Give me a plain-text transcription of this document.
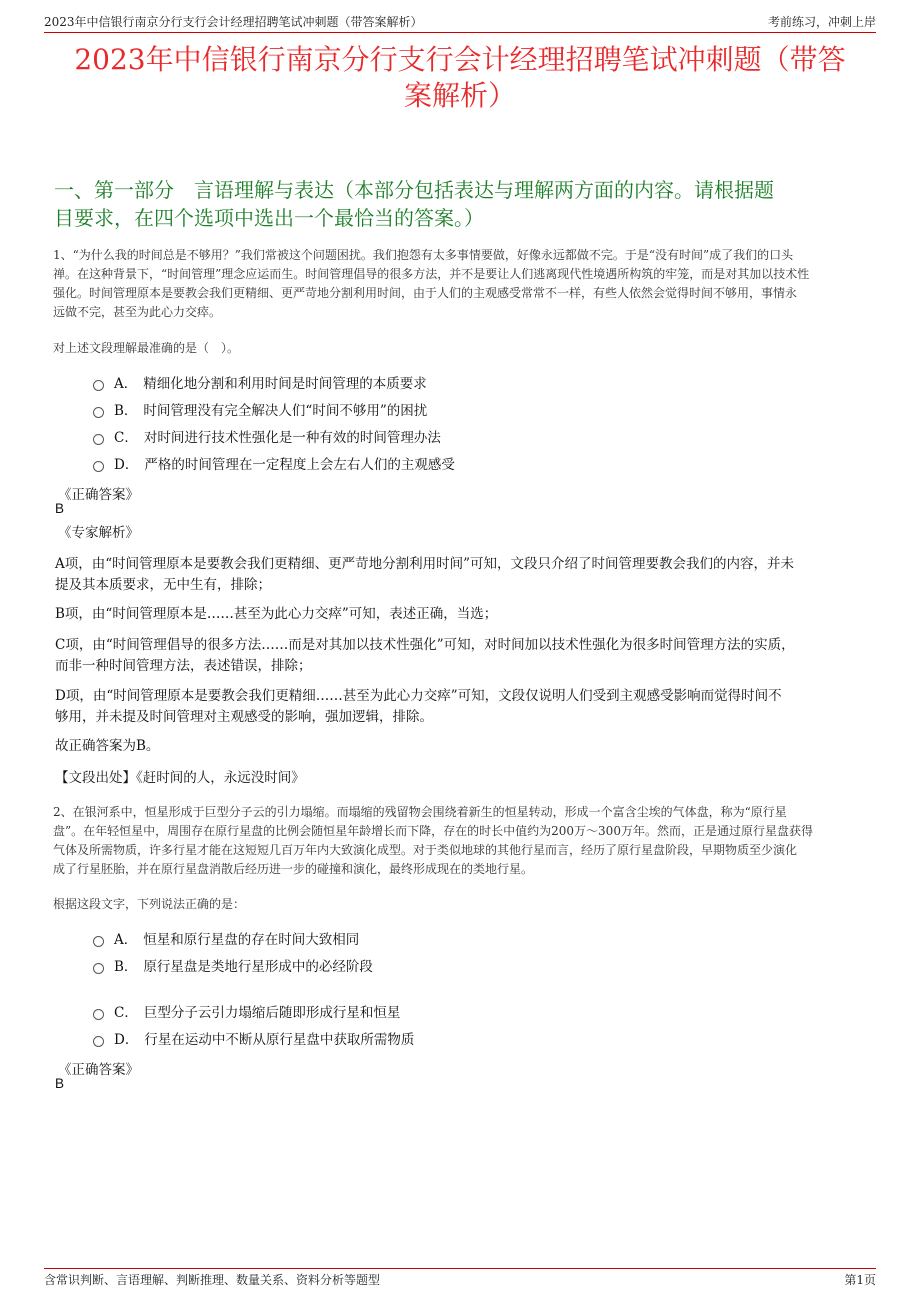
2023年中信银行南京分行支行会计经理招聘笔试冲刺题（带答案解析）	考前练习，冲刺上岸
2023年中信银行南京分行支行会计经理招聘笔试冲刺题（带答
案解析）
一、第一部分　言语理解与表达（本部分包括表达与理解两方面的内容。请根据题
目要求，在四个选项中选出一个最恰当的答案。）
1、“为什么我的时间总是不够用？”我们常被这个问题困扰。我们抱怨有太多事情要做，好像永远都做不完。于是“没有时间”成了我们的口头
禅。在这种背景下，“时间管理”理念应运而生。时间管理倡导的很多方法，并不是要让人们逃离现代性境遇所构筑的牢笼，而是对其加以技术性
强化。时间管理原本是要教会我们更精细、更严苛地分割利用时间，由于人们的主观感受常常不一样，有些人依然会觉得时间不够用，事情永
远做不完，甚至为此心力交瘁。
对上述文段理解最准确的是（　）。
A． 精细化地分割和利用时间是时间管理的本质要求
B． 时间管理没有完全解决人们“时间不够用”的困扰
C． 对时间进行技术性强化是一种有效的时间管理办法
D． 严格的时间管理在一定程度上会左右人们的主观感受
《正确答案》
B
《专家解析》
A项，由“时间管理原本是要教会我们更精细、更严苛地分割利用时间”可知，文段只介绍了时间管理要教会我们的内容，并未
提及其本质要求，无中生有，排除；
B项，由“时间管理原本是……甚至为此心力交瘁”可知，表述正确，当选；
C项，由“时间管理倡导的很多方法……而是对其加以技术性强化”可知，对时间加以技术性强化为很多时间管理方法的实质，
而非一种时间管理方法，表述错误，排除；
D项，由“时间管理原本是要教会我们更精细……甚至为此心力交瘁”可知，文段仅说明人们受到主观感受影响而觉得时间不
够用，并未提及时间管理对主观感受的影响，强加逻辑，排除。
故正确答案为B。
【文段出处】《赶时间的人，永远没时间》
2、在银河系中，恒星形成于巨型分子云的引力塌缩。而塌缩的残留物会围绕着新生的恒星转动，形成一个富含尘埃的气体盘，称为“原行星
盘”。在年轻恒星中，周围存在原行星盘的比例会随恒星年龄增长而下降，存在的时长中值约为200万～300万年。然而，正是通过原行星盘获得
气体及所需物质，许多行星才能在这短短几百万年内大致演化成型。对于类似地球的其他行星而言，经历了原行星盘阶段，早期物质至少演化
成了行星胚胎，并在原行星盘消散后经历进一步的碰撞和演化，最终形成现在的类地行星。
根据这段文字，下列说法正确的是：
A． 恒星和原行星盘的存在时间大致相同
B． 原行星盘是类地行星形成中的必经阶段
C． 巨型分子云引力塌缩后随即形成行星和恒星
D． 行星在运动中不断从原行星盘中获取所需物质
《正确答案》
B
含常识判断、言语理解、判断推理、数量关系、资料分析等题型	第1页
